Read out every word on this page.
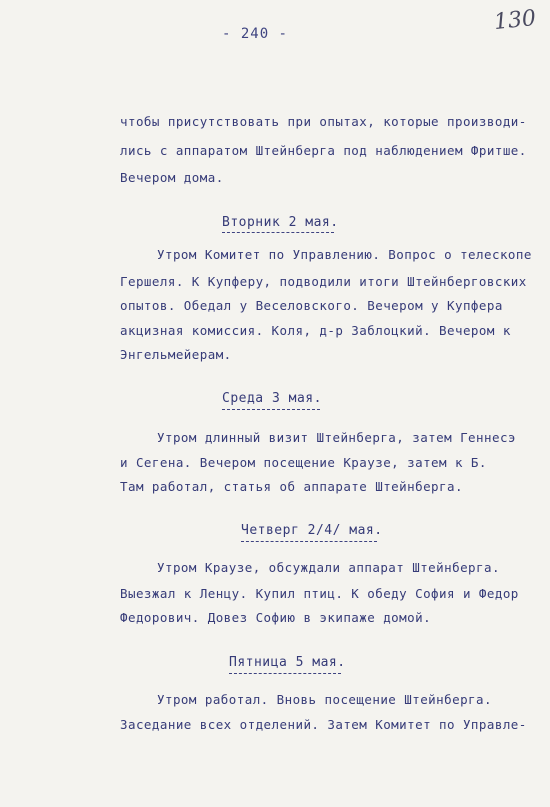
- 240 -	130
чтобы присутствовать при опытах, которые производи-
лись с аппаратом Штейнберга под наблюдением Фритше.
Вечером дома.
Вторник 2 мая.
Утром Комитет по Управлению. Вопрос о телескопе
Гершеля. К Купферу, подводили итоги Штейнберговских
опытов. Обедал у Веселовского. Вечером у Купфера
акцизная комиссия. Коля, д-р Заблоцкий. Вечером к
Энгельмейерам.
Среда 3 мая.
Утром длинный визит Штейнберга, затем Геннесэ
и Сегена. Вечером посещение Краузе, затем к Б.
Там работал, статья об аппарате Штейнберга.
Четверг 2/4/ мая.
Утром Краузе, обсуждали аппарат Штейнберга.
Выезжал к Ленцу. Купил птиц. К обеду София и Федор
Федорович. Довез Софию в экипаже домой.
Пятница 5 мая.
Утром работал. Вновь посещение Штейнберга.
Заседание всех отделений. Затем Комитет по Управле-
